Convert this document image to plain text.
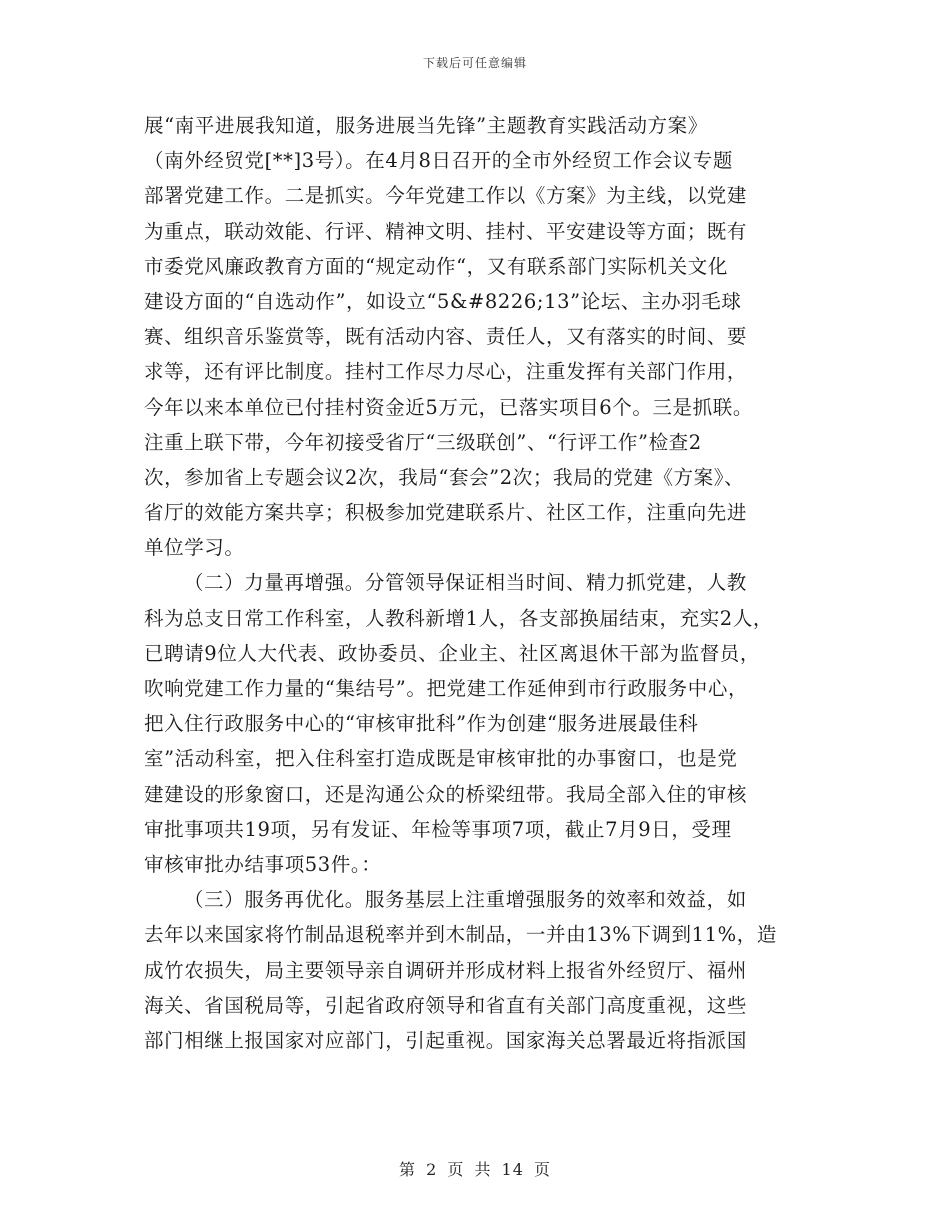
下载后可任意编辑
展“南平进展我知道，服务进展当先锋”主题教育实践活动方案》
（南外经贸党[**]3号）。在4月8日召开的全市外经贸工作会议专题
部署党建工作。二是抓实。今年党建工作以《方案》为主线，以党建
为重点，联动效能、行评、精神文明、挂村、平安建设等方面；既有
市委党风廉政教育方面的“规定动作“，又有联系部门实际机关文化
建设方面的“自选动作”，如设立“5&#8226;13”论坛、主办羽毛球
赛、组织音乐鉴赏等，既有活动内容、责任人，又有落实的时间、要
求等，还有评比制度。挂村工作尽力尽心，注重发挥有关部门作用，
今年以来本单位已付挂村资金近5万元，已落实项目6个。三是抓联。
注重上联下带，今年初接受省厅“三级联创”、“行评工作”检查2
次，参加省上专题会议2次，我局“套会”2次；我局的党建《方案》、
省厅的效能方案共享；积极参加党建联系片、社区工作，注重向先进
单位学习。
（二）力量再增强。分管领导保证相当时间、精力抓党建，人教
科为总支日常工作科室，人教科新增1人，各支部换届结束，充实2人，
已聘请9位人大代表、政协委员、企业主、社区离退休干部为监督员，
吹响党建工作力量的“集结号”。把党建工作延伸到市行政服务中心，
把入住行政服务中心的“审核审批科”作为创建“服务进展最佳科
室”活动科室，把入住科室打造成既是审核审批的办事窗口，也是党
建建设的形象窗口，还是沟通公众的桥梁纽带。我局全部入住的审核
审批事项共19项，另有发证、年检等事项7项，截止7月9日，受理
审核审批办结事项53件。：
（三）服务再优化。服务基层上注重增强服务的效率和效益，如
去年以来国家将竹制品退税率并到木制品，一并由13%下调到11%，造
成竹农损失，局主要领导亲自调研并形成材料上报省外经贸厅、福州
海关、省国税局等，引起省政府领导和省直有关部门高度重视，这些
部门相继上报国家对应部门，引起重视。国家海关总署最近将指派国
第 2 页 共 14 页
